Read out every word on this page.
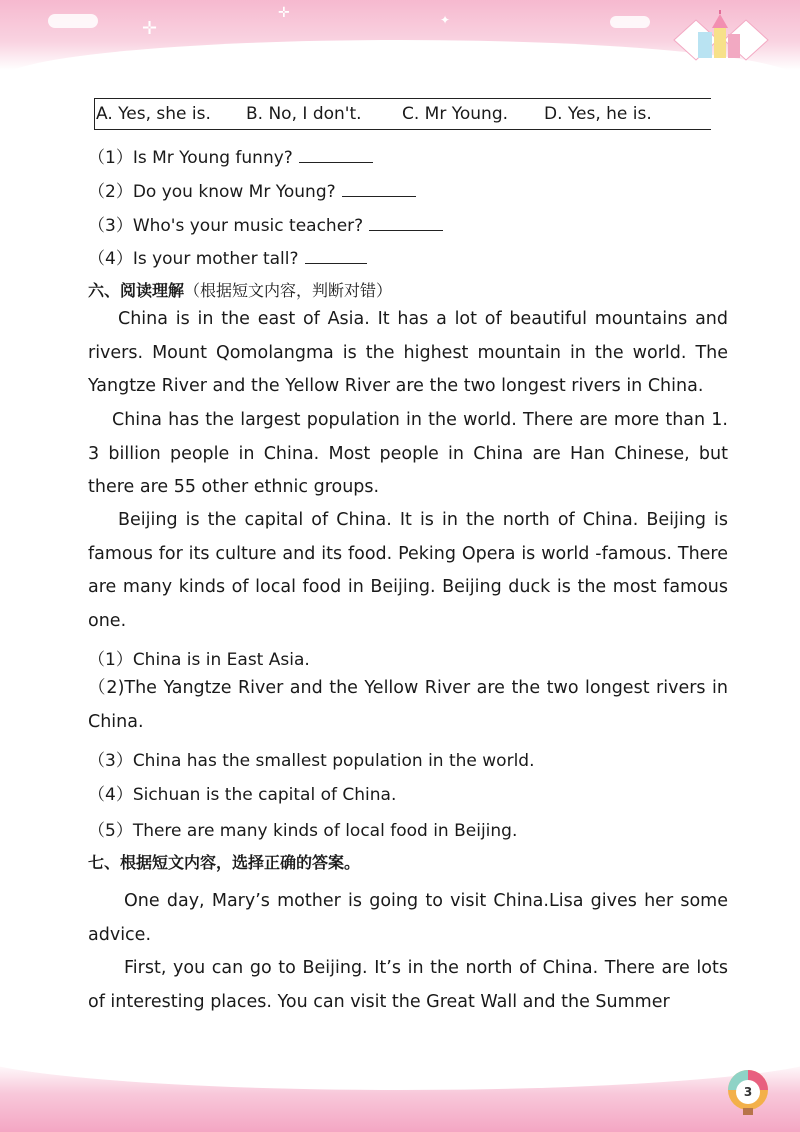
✛
✛	✦
A. Yes, she is. B. No, I don't. C. Mr Young. D. Yes, he is.
（1）Is Mr Young funny?
（2）Do you know Mr Young?
（3）Who's your music teacher?
（4）Is your mother tall?
六、阅读理解（根据短文内容，判断对错）
China is in the east of Asia. It has a lot of beautiful mountains and rivers. Mount Qomolangma is the highest mountain in the world. The Yangtze River and the Yellow River are the two longest rivers in China.
China has the largest population in the world. There are more than 1. 3 billion people in China. Most people in China are Han Chinese, but there are 55 other ethnic groups.
Beijing is the capital of China. It is in the north of China. Beijing is famous for its culture and its food. Peking Opera is world -famous. There are many kinds of local food in Beijing. Beijing duck is the most famous one.
（1）China is in East Asia.
（2)The Yangtze River and the Yellow River are the two longest rivers in China.
（3）China has the smallest population in the world.
（4）Sichuan is the capital of China.
（5）There are many kinds of local food in Beijing.
七、根据短文内容，选择正确的答案。
One day, Mary’s mother is going to visit China.Lisa gives her some advice.
First, you can go to Beijing. It’s in the north of China. There are lots of interesting places. You can visit the Great Wall and the Summer
3
